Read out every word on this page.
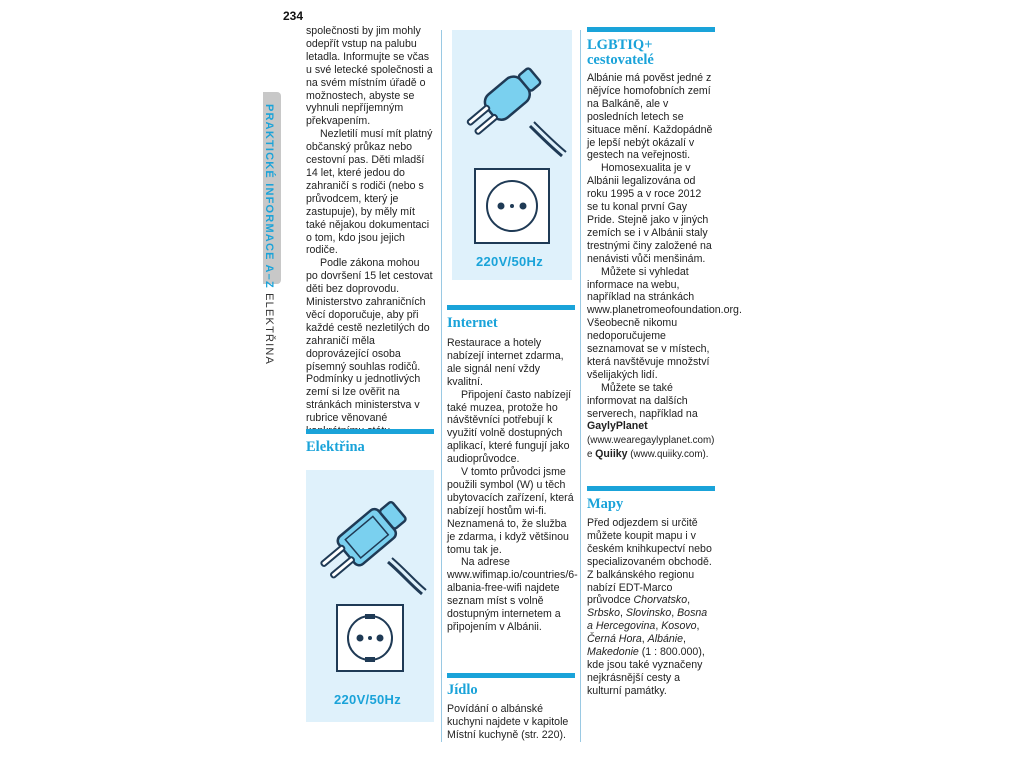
234
PRAKTICKÉ INFORMACE A–Z ELEKTŘINA

společnosti by jim mohly odepřít vstup na palubu letadla. Informujte se včas u své letecké společnosti a na svém místním úřadě o možnostech, abyste se vyhnuli nepříjemným překvapením.

Nezletilí musí mít platný občanský průkaz nebo cestovní pas. Děti mladší 14 let, které jedou do zahraničí s rodiči (nebo s průvodcem, který je zastupuje), by měly mít také nějakou dokumentaci o tom, kdo jsou jejich rodiče.

Podle zákona mohou po dovršení 15 let cestovat děti bez doprovodu. Ministerstvo zahraničních věcí doporučuje, aby při každé cestě nezletilých do zahraničí měla doprovázející osoba písemný souhlas rodičů. Podmínky u jednotlivých zemí si lze ověřit na stránkách ministerstva v rubrice věnované

Elektřina
220V/50Hz
220V/50Hz
Internet

Restaurace a hotely nabízejí internet zdarma, ale signál není vždy kvalitní.

Připojení často nabízejí také muzea, protože ho návštěvníci potřebují k využití volně dostupných aplikací, které fungují jako audioprůvodce.

V tomto průvodci jsme použili symbol (W) u těch ubytovacích zařízení, která nabízejí hostům wi-fi. Neznamená to, že služba je zdarma, i když většinou tomu tak je.

Na adrese www.wifimap.io/countries/6-albania-free-wifi najdete seznam míst s volně dostupným internetem a připojením v Albánii.

Jídlo

Povídání o albánské kuchyni najdete v kapitole Místní kuchyně (str. 220).

LGBTIQ+
cestovatelé

Albánie má pověst jedné z nějvíce homofobních zemí na Balkáně, ale v posledních letech se situace mění. Každopádně je lepší nebýt okázalí v gestech na veřejnosti.

Homosexualita je v Albánii legalizována od roku 1995 a v roce 2012 se tu konal první Gay Pride. Stejně jako v jiných zemích se i v Albánii staly trestnými činy založené na nenávisti vůči menšinám.

Můžete si vyhledat informace na webu, například na stránkách www.planetromeofoundation.org. Všeobecně nikomu nedoporučujeme seznamovat se v místech, která navštěvuje množství všelijakých lidí.

Můžete se také informovat na dalších serverech, například na GaylyPlanet (www.wearegaylyplanet.com) e Quiiky (www.quiiky.com).

Mapy

Před odjezdem si určitě můžete koupit mapu i v českém knihkupectví nebo specializovaném obchodě. Z balkánského regionu nabízí EDT-Marco průvodce Chorvatsko, Srbsko, Slovinsko, Bosna a Hercegovina, Kosovo, Černá Hora, Albánie, Makedonie (1 : 800.000), kde jsou také vyznačeny nejkrásnější cesty a kulturní památky.
